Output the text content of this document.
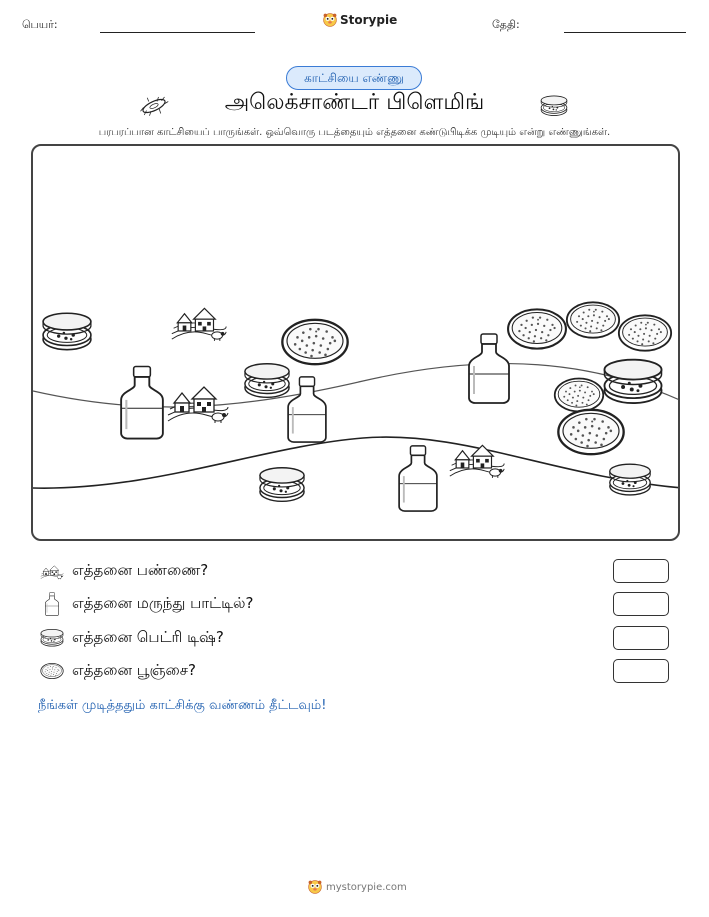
பெயர்:	Storypie	தேதி:
காட்சியை எண்ணு
அலெக்சாண்டர் பிளெமிங்
பரபரப்பான காட்சியைப் பாருங்கள். ஒவ்வொரு படத்தையும் எத்தனை கண்டுபிடிக்க முடியும் என்று எண்ணுங்கள்.
எத்தனை பண்ணை?
எத்தனை மருந்து பாட்டில்?
எத்தனை பெட்ரி டிஷ்?
எத்தனை பூஞ்சை?
நீங்கள் முடித்ததும் காட்சிக்கு வண்ணம் தீட்டவும்!
mystorypie.com
